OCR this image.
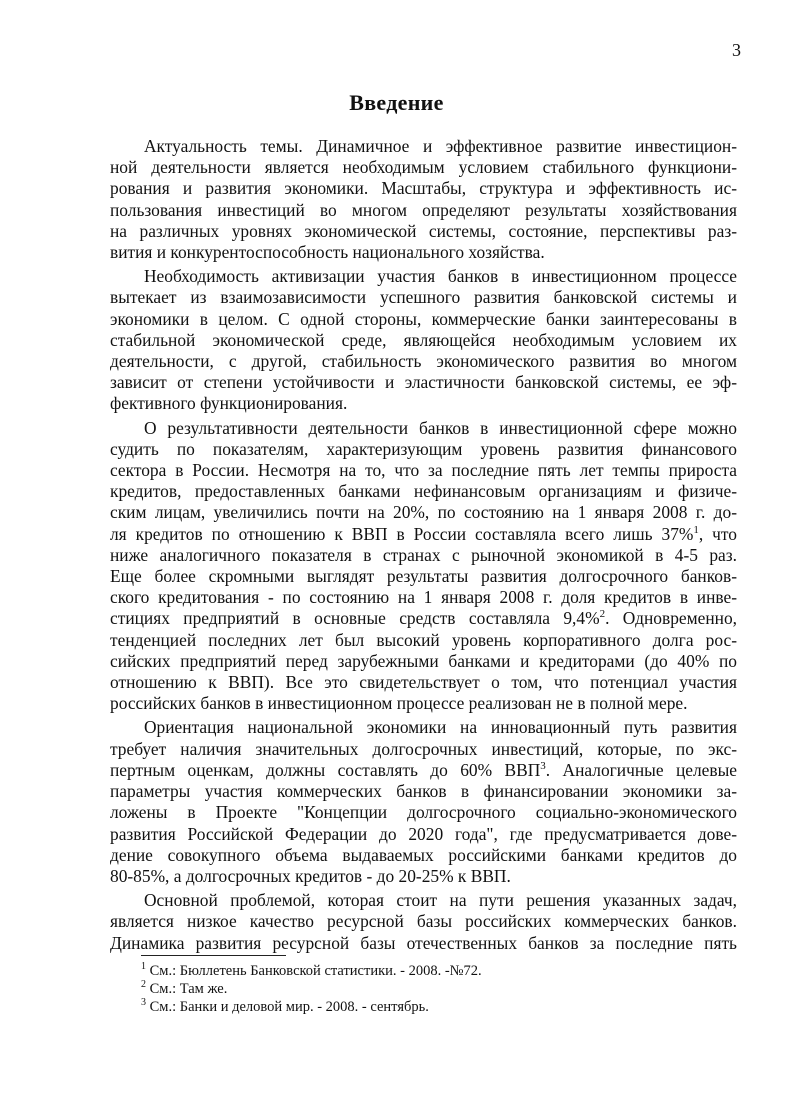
3
Введение
Актуальность темы. Динамичное и эффективное развитие инвестицион-
ной деятельности является необходимым условием стабильного функциони-
рования и развития экономики. Масштабы, структура и эффективность ис-
пользования инвестиций во многом определяют результаты хозяйствования
на различных уровнях экономической системы, состояние, перспективы раз-
вития и конкурентоспособность национального хозяйства.
Необходимость активизации участия банков в инвестиционном процессе
вытекает из взаимозависимости успешного развития банковской системы и
экономики в целом. С одной стороны, коммерческие банки заинтересованы в
стабильной экономической среде, являющейся необходимым условием их
деятельности, с другой, стабильность экономического развития во многом
зависит от степени устойчивости и эластичности банковской системы, ее эф-
фективного функционирования.
О результативности деятельности банков в инвестиционной сфере можно
судить по показателям, характеризующим уровень развития финансового
сектора в России. Несмотря на то, что за последние пять лет темпы прироста
кредитов, предоставленных банками нефинансовым организациям и физиче-
ским лицам, увеличились почти на 20%, по состоянию на 1 января 2008 г. до-
ля кредитов по отношению к ВВП в России составляла всего лишь 37%$^1$, что
ниже аналогичного показателя в странах с рыночной экономикой в 4-5 раз.
Еще более скромными выглядят результаты развития долгосрочного банков-
ского кредитования - по состоянию на 1 января 2008 г. доля кредитов в инве-
стициях предприятий в основные средств составляла 9,4%$^2$. Одновременно,
тенденцией последних лет был высокий уровень корпоративного долга рос-
сийских предприятий перед зарубежными банками и кредиторами (до 40% по
отношению к ВВП). Все это свидетельствует о том, что потенциал участия
российских банков в инвестиционном процессе реализован не в полной мере.
Ориентация национальной экономики на инновационный путь развития
требует наличия значительных долгосрочных инвестиций, которые, по экс-
пертным оценкам, должны составлять до 60% ВВП$^3$. Аналогичные целевые
параметры участия коммерческих банков в финансировании экономики за-
ложены в Проекте "Концепции долгосрочного социально-экономического
развития Российской Федерации до 2020 года", где предусматривается дове-
дение совокупного объема выдаваемых российскими банками кредитов до
80-85%, а долгосрочных кредитов - до 20-25% к ВВП.
Основной проблемой, которая стоит на пути решения указанных задач,
является низкое качество ресурсной базы российских коммерческих банков.
Динамика развития ресурсной базы отечественных банков за последние пять
$^1$ См.: Бюллетень Банковской статистики. - 2008. -№72.
$^2$ См.: Там же.
$^3$ См.: Банки и деловой мир. - 2008. - сентябрь.
